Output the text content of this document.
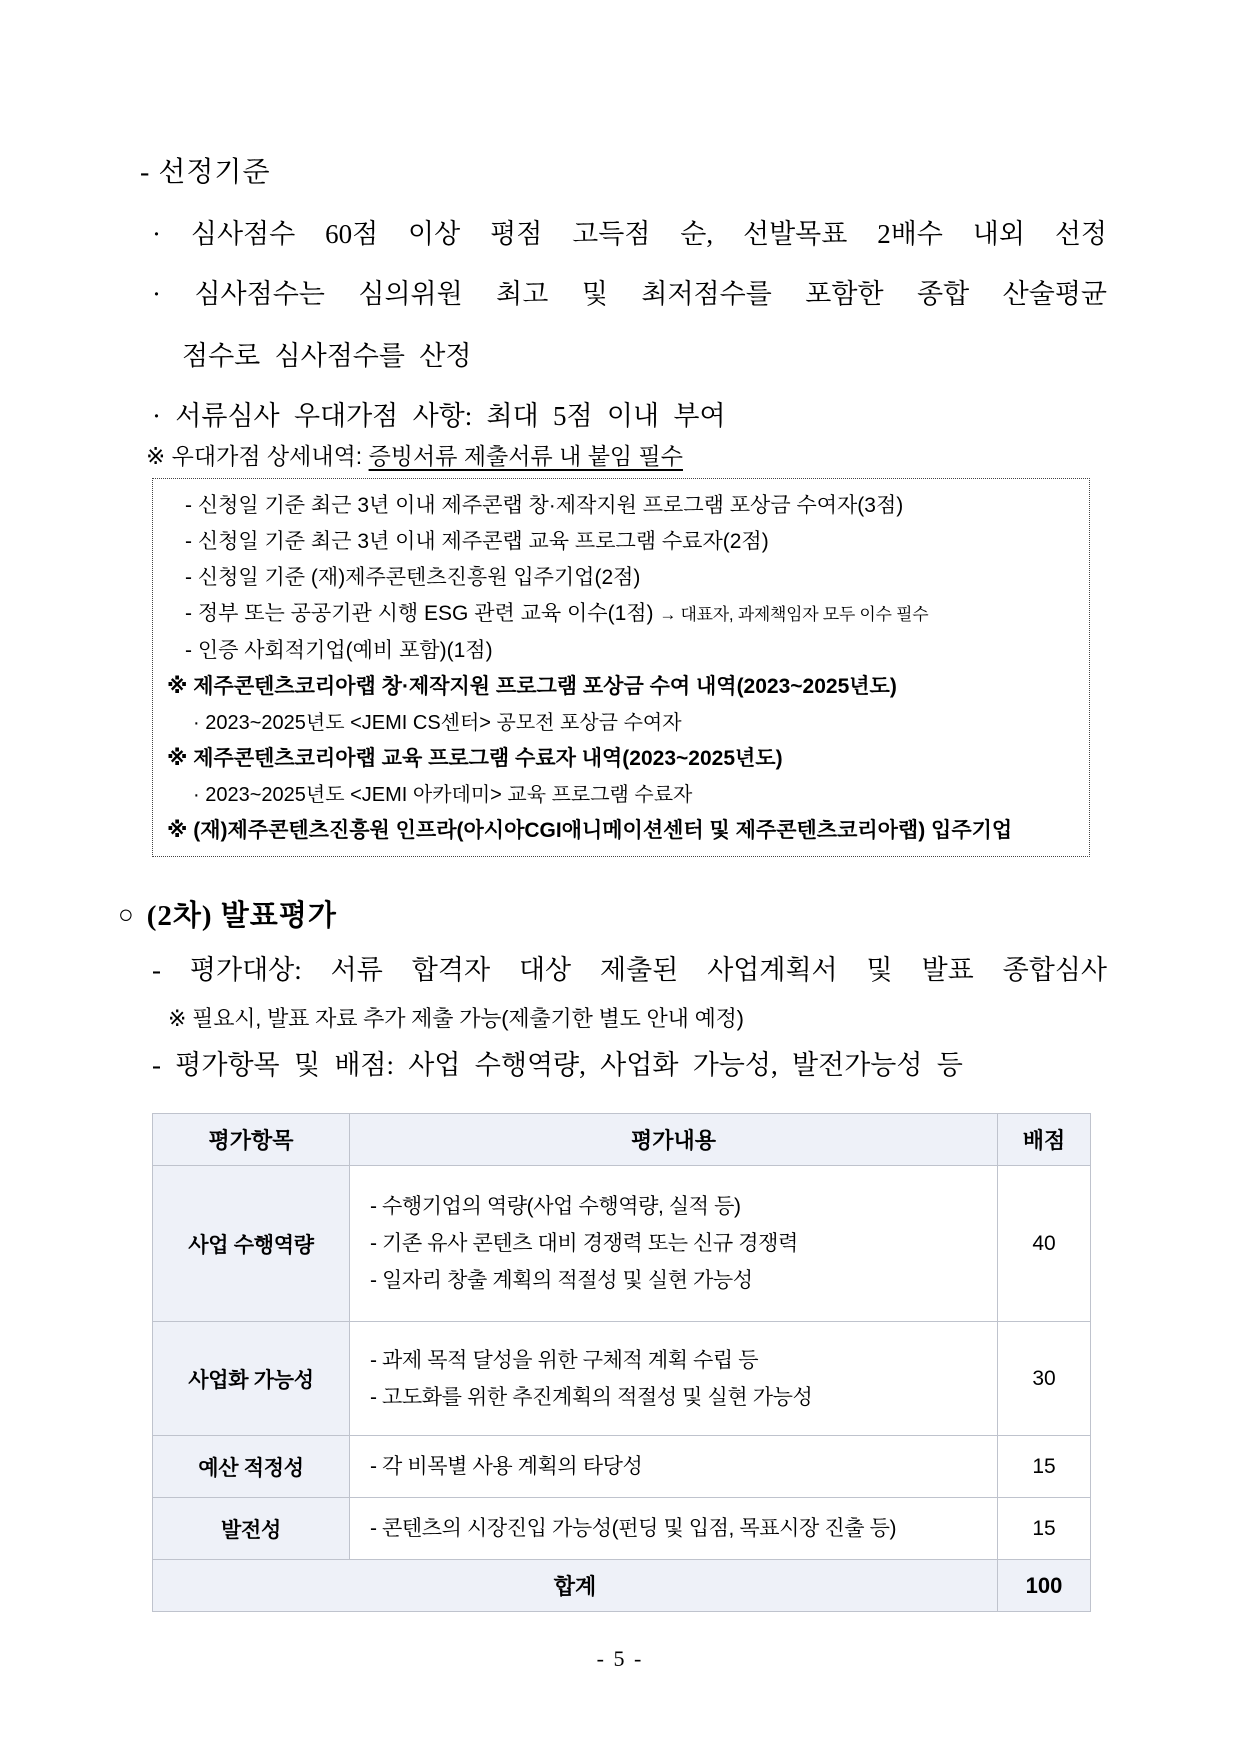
- 선정기준

· 심사점수 60점 이상 평점 고득점 순, 선발목표 2배수 내외 선정

· 심사점수는 심의위원 최고 및 최저점수를 포함한 종합 산술평균

점수로 심사점수를 산정

· 서류심사 우대가점 사항: 최대 5점 이내 부여

※ 우대가점 상세내역: 증빙서류 제출서류 내 붙임 필수

- 신청일 기준 최근 3년 이내 제주콘랩 창·제작지원 프로그램 포상금 수여자(3점)

- 신청일 기준 최근 3년 이내 제주콘랩 교육 프로그램 수료자(2점)

- 신청일 기준 (재)제주콘텐츠진흥원 입주기업(2점)

- 정부 또는 공공기관 시행 ESG 관련 교육 이수(1점) → 대표자, 과제책임자 모두 이수 필수

- 인증 사회적기업(예비 포함)(1점)

※ 제주콘텐츠코리아랩 창·제작지원 프로그램 포상금 수여 내역(2023~2025년도)

· 2023~2025년도 <JEMI CS센터> 공모전 포상금 수여자

※ 제주콘텐츠코리아랩 교육 프로그램 수료자 내역(2023~2025년도)

· 2023~2025년도 <JEMI 아카데미> 교육 프로그램 수료자

※ (재)제주콘텐츠진흥원 인프라(아시아CGI애니메이션센터 및 제주콘텐츠코리아랩) 입주기업

○ (2차) 발표평가

- 평가대상: 서류 합격자 대상 제출된 사업계획서 및 발표 종합심사

※ 필요시, 발표 자료 추가 제출 가능(제출기한 별도 안내 예정)

- 평가항목 및 배점: 사업 수행역량, 사업화 가능성, 발전가능성 등

평가항목	평가내용	배점
사업 수행역량	- 수행기업의 역량(사업 수행역량, 실적 등)

- 기존 유사 콘텐츠 대비 경쟁력 또는 신규 경쟁력

- 일자리 창출 계획의 적절성 및 실현 가능성	40
사업화 가능성	- 과제 목적 달성을 위한 구체적 계획 수립 등

- 고도화를 위한 추진계획의 적절성 및 실현 가능성	30
예산 적정성	- 각 비목별 사용 계획의 타당성	15
발전성	- 콘텐츠의 시장진입 가능성(펀딩 및 입점, 목표시장 진출 등)	15
합계		100

- 5 -
